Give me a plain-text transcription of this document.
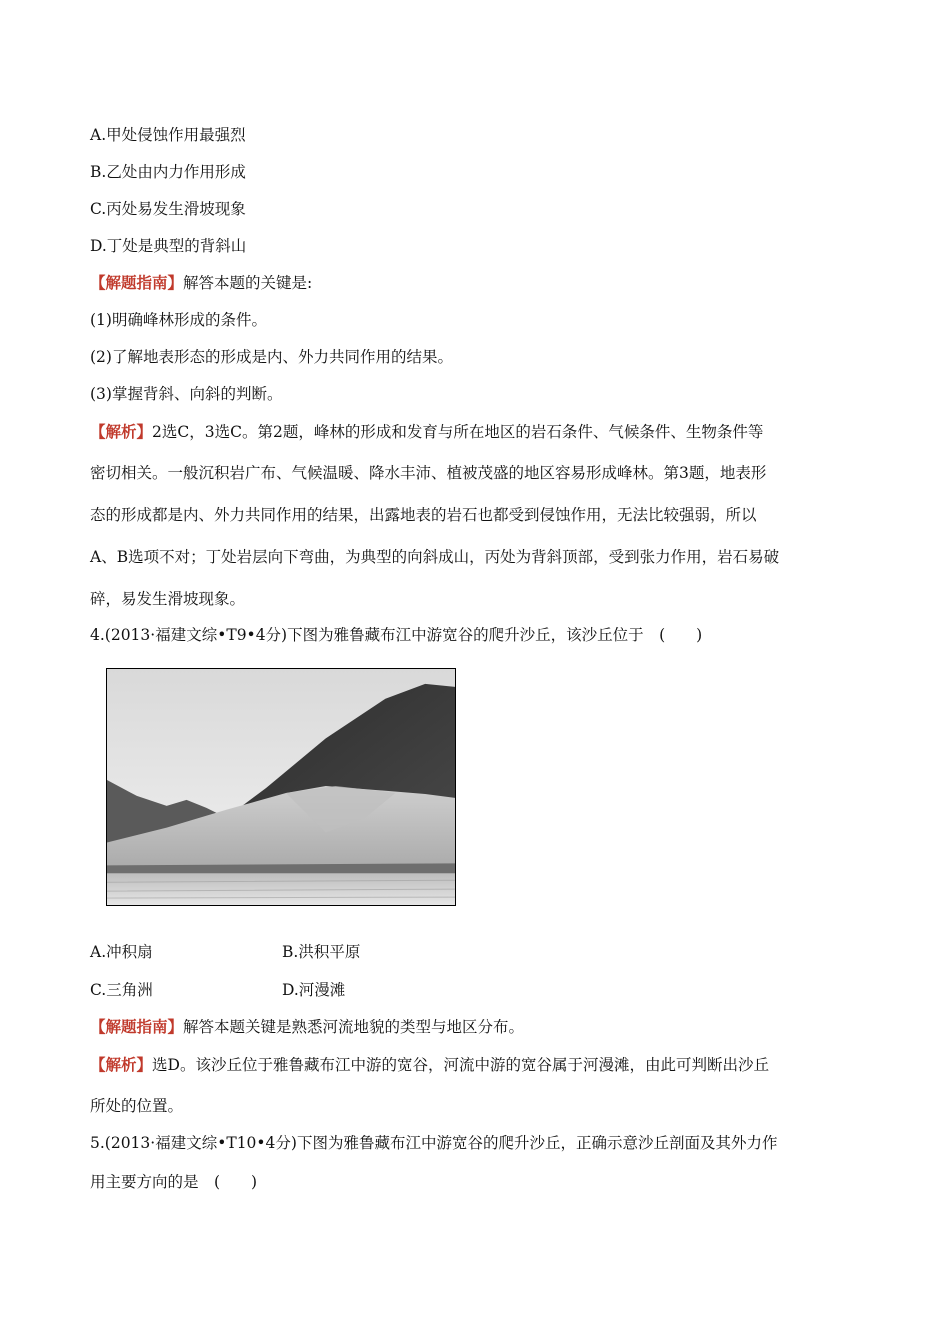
A.甲处侵蚀作用最强烈
B.乙处由内力作用形成
C.丙处易发生滑坡现象
D.丁处是典型的背斜山
【解题指南】解答本题的关键是:
(1)明确峰林形成的条件。
(2)了解地表形态的形成是内、外力共同作用的结果。
(3)掌握背斜、向斜的判断。
【解析】2选C，3选C。第2题，峰林的形成和发育与所在地区的岩石条件、气候条件、生物条件等
密切相关。一般沉积岩广布、气候温暖、降水丰沛、植被茂盛的地区容易形成峰林。第3题，地表形
态的形成都是内、外力共同作用的结果，出露地表的岩石也都受到侵蚀作用，无法比较强弱，所以
A、B选项不对；丁处岩层向下弯曲，为典型的向斜成山，丙处为背斜顶部，受到张力作用，岩石易破
碎，易发生滑坡现象。
4.(2013·福建文综•T9•4分)下图为雅鲁藏布江中游宽谷的爬升沙丘，该沙丘位于　(　　)
A.冲积扇	B.洪积平原
C.三角洲	D.河漫滩
【解题指南】解答本题关键是熟悉河流地貌的类型与地区分布。
【解析】选D。该沙丘位于雅鲁藏布江中游的宽谷，河流中游的宽谷属于河漫滩，由此可判断出沙丘
所处的位置。
5.(2013·福建文综•T10•4分)下图为雅鲁藏布江中游宽谷的爬升沙丘，正确示意沙丘剖面及其外力作
用主要方向的是　(　　)
